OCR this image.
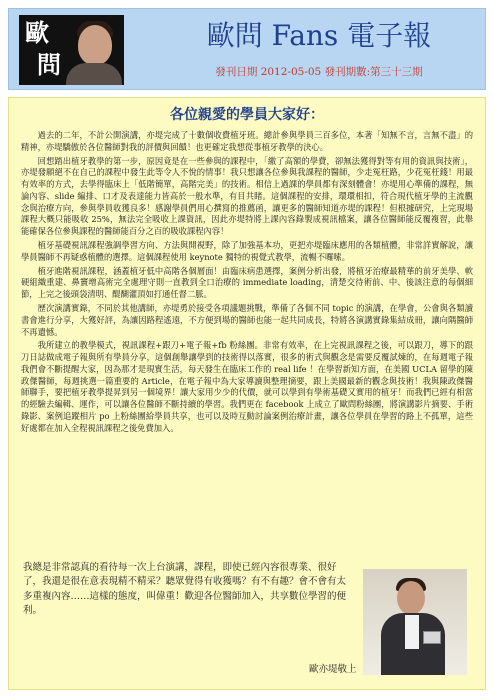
歐
問
歐問 Fans 電子報
發刊日期 2012-05-05 發刊期數:第三十三期
各位親愛的學員大家好：

過去的二年，不計公開演講，亦堤完成了十數個收費植牙班。總計參與學員三百多位，本著「知無不言，言無不盡」的精神，亦堤驕傲於各位醫師對我的評價與回饋！也更確定我想從事植牙教學的決心。

回想踏出植牙教學的第一步，原因竟是在一些參與的課程中，「繳了高額的學費，卻無法獲得對等有用的資訊與技術」，亦堤發願絕不在自己的課程中發生此等令人不悅的情事！我只想讓各位參與我課程的醫師，少走冤枉路，少花冤枉錢！用最有效率的方式，去學得臨床上「低階簡單，高階完美」的技術。相信上過課的學員都有深刻體會！亦堤用心準備的課程，無論內容、slide 編排、口才及表達能力皆高於一般水準，有目共睹。這個課程的安排，環環相扣，符合現代植牙學的主流觀念與治療方向，參與學員收獲良多！感謝學員們用心撰寫的推薦函，讓更多的醫師知道亦堤的課程！但根據研究，上完現場課程大概只能吸收 25%，無法完全吸收上課資訊，因此亦堤特將上課內容錄製成視訊檔案，讓各位醫師能反覆複習，此舉能確保各位參與課程的醫師能百分之百的吸收課程內容！

植牙基礎視訊課程強調學習方向、方法與開視野，除了加強基本功，更把亦堤臨床應用的各類植體，非常詳實解說，讓學員醫師不再疑惑植體的選擇。這個課程使用 keynote 獨特的視覺式教學，流暢不囉嗦。

植牙進階視訊課程，涵蓋植牙低中高階各個層面！由臨床病患選擇，案例分析出發，將植牙治療最精華的前牙美學、軟硬組織重建、鼻竇增高術完全處理守則一直教到全口治療的 immediate loading，清楚交待術前、中、後該注意的每個細節，上完之後頭袋清明、醍醐灌頂如打通任督二脈。

歷次演講實錄，不同於其他講師，亦堤勇於接受各項議題挑戰，準備了各個不同 topic 的演講，在學會，公會與各類讀書會進行分享，大獲好評，為讓因路程遙遠，不方便到場的醫師也能一起共同成長，特將各演講實錄集結成冊，讓向隅醫師不再遺憾。

我所建立的教學模式，視訊課程+跟刀+電子報+fb 粉絲團。非常有效率，在上完視訊課程之後，可以跟刀，導下的跟刀日誌做成電子報與所有學員分享，這個創舉讓學到的技術得以落實，很多的術式與觀念是需要反覆試煉的，在每週電子報我們會不斷提醒大家，因為那才是現實生活，每天發生在臨床工作的 real life ！在學習新知方面，在美國 UCLA 留學的陳政傑醫師，每週挑選一篇重要的 Article，在電子報中為大家導讀與整理摘要，跟上美國最新的觀念與技術！我與陳政傑醫師聯手，要把植牙教學提昇到另一個境界！讓大家用少少的代價，就可以學到有學術基礎又實用的植牙！而我們已經有相當的經驗去編輯、運作，可以讓各位醫師不斷持續的學習。我們更在 facebook 上成立了歐問粉絲團，將演講影片摘要、手術錄影、案例追蹤相片 po 上粉絲團給學員共享，也可以及時互動討論案例治療計畫，讓各位學員在學習的路上不孤單，這些好處都在加入全程視訊課程之後免費加入。

我總是非常認真的看待每一次上台演講，課程，即使已經內容很專業、很好了，我還是很在意表現精不精采？聽眾覺得有收獲嗎？有不有趣？會不會有太多重複內容……這樣的態度，叫偉重！歡迎各位醫師加入，共享數位學習的便利。

歐亦堤敬上
